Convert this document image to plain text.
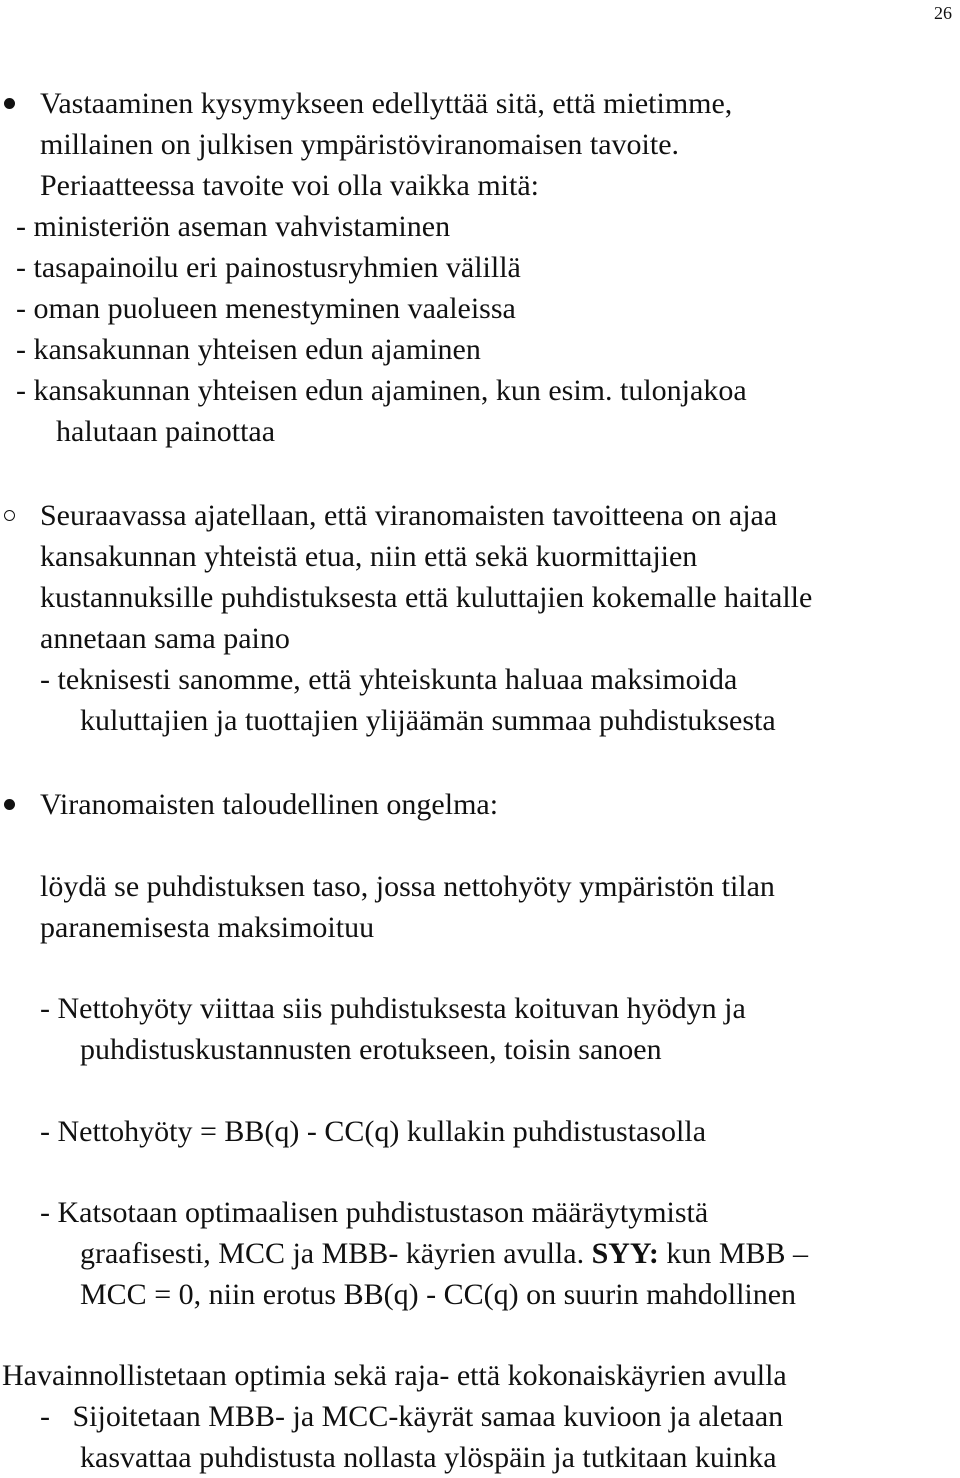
26
Vastaaminen kysymykseen edellyttää sitä, että mietimme,
millainen on julkisen ympäristöviranomaisen tavoite.
Periaatteessa tavoite voi olla vaikka mitä:
- ministeriön aseman vahvistaminen
- tasapainoilu eri painostusryhmien välillä
- oman puolueen menestyminen vaaleissa
- kansakunnan yhteisen edun ajaminen
- kansakunnan yhteisen edun ajaminen, kun esim. tulonjakoa
halutaan painottaa
Seuraavassa ajatellaan, että viranomaisten tavoitteena on ajaa
kansakunnan yhteistä etua, niin että sekä kuormittajien
kustannuksille puhdistuksesta että kuluttajien kokemalle haitalle
annetaan sama paino
- teknisesti sanomme, että yhteiskunta haluaa maksimoida
kuluttajien ja tuottajien ylijäämän summaa puhdistuksesta
Viranomaisten taloudellinen ongelma:
löydä se puhdistuksen taso, jossa nettohyöty ympäristön tilan
paranemisesta maksimoituu
- Nettohyöty viittaa siis puhdistuksesta koituvan hyödyn ja
puhdistuskustannusten erotukseen, toisin sanoen
- Nettohyöty = BB(q) - CC(q) kullakin puhdistustasolla
- Katsotaan optimaalisen puhdistustason määräytymistä
graafisesti, MCC ja MBB- käyrien avulla. SYY: kun MBB –
MCC = 0, niin erotus BB(q) - CC(q) on suurin mahdollinen
Havainnollistetaan optimia sekä raja- että kokonaiskäyrien avulla
-   Sijoitetaan MBB- ja MCC-käyrät samaa kuvioon ja aletaan
kasvattaa puhdistusta nollasta ylöspäin ja tutkitaan kuinka
